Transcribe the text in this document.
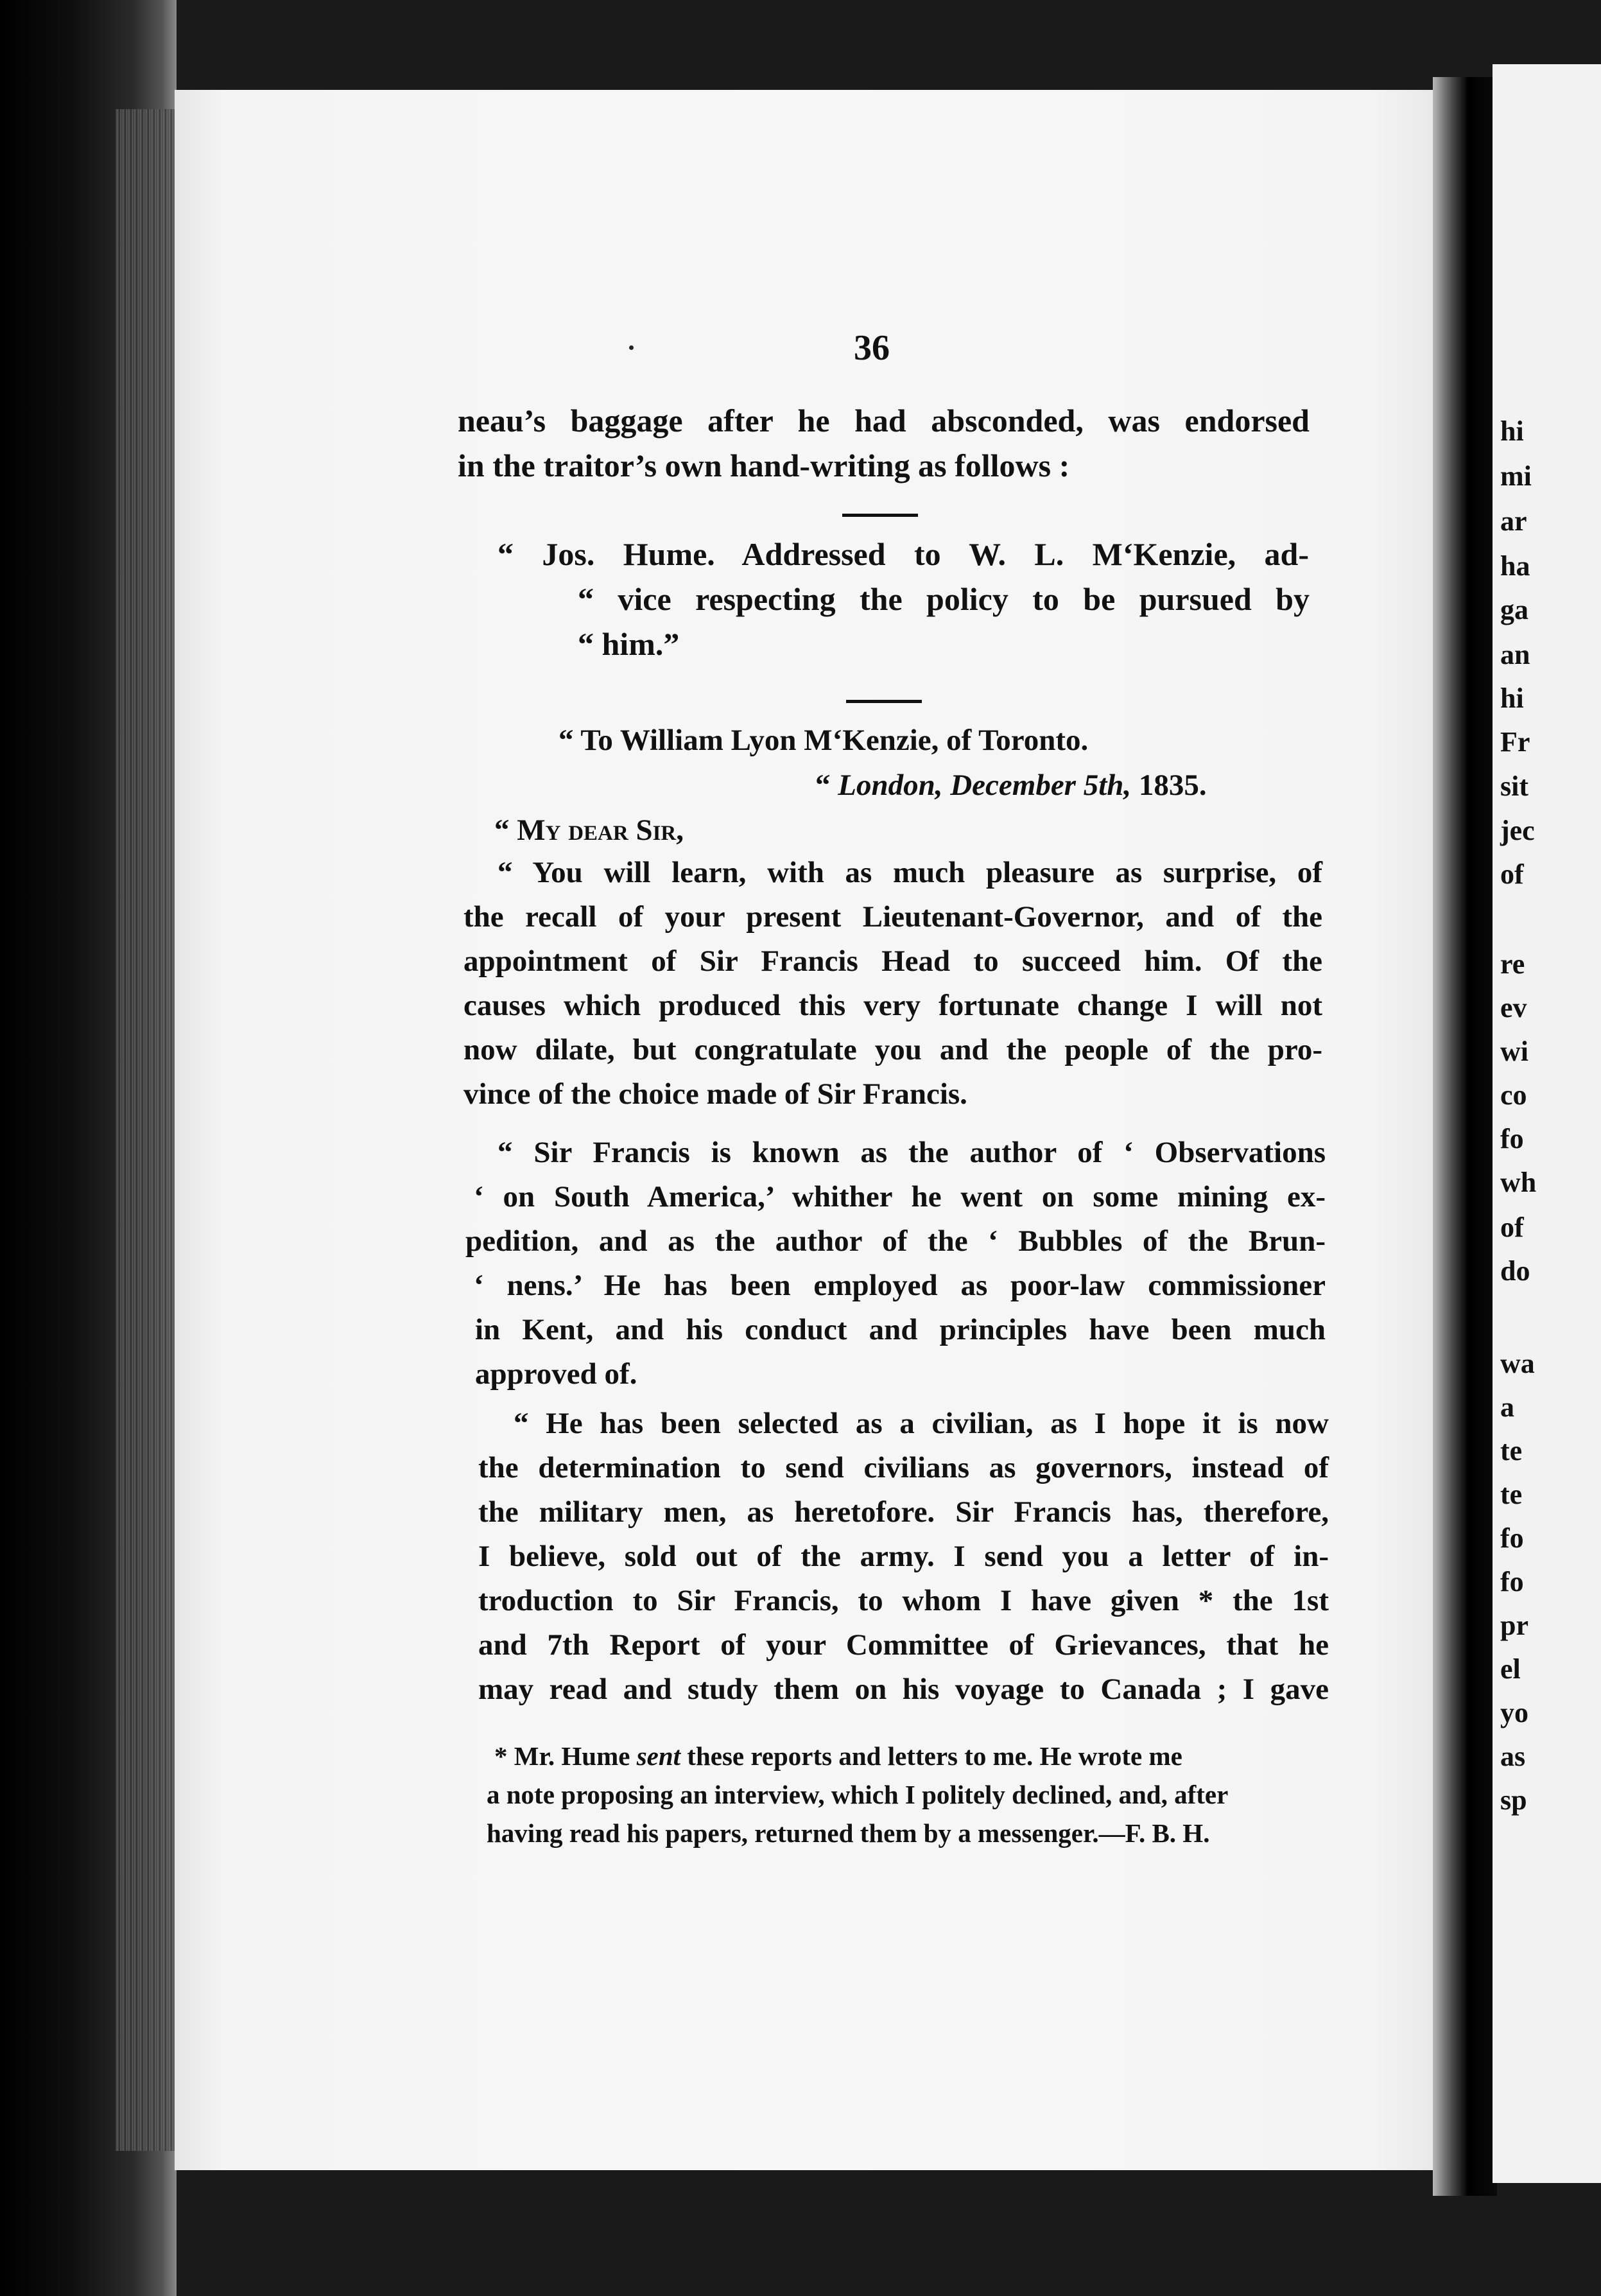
hi
mi
ar
ha
ga
an
hi
Fr
sit
jec
of
re
ev
wi
co
fo
wh
of
do
wa
a
te
te
fo
fo
pr
el
yo
as
sp
36
neau’s baggage after he had absconded, was endorsed
in the traitor’s own hand-writing as follows :
“ Jos. Hume. Addressed to W. L. M‘Kenzie, ad-
“ vice respecting the policy to be pursued by
“ him.”
“ To William Lyon M‘Kenzie, of Toronto.
“ London, December 5th, 1835.
“ My dear Sir,
“ You will learn, with as much pleasure as surprise, of
the recall of your present Lieutenant-Governor, and of the
appointment of Sir Francis Head to succeed him. Of the
causes which produced this very fortunate change I will not
now dilate, but congratulate you and the people of the pro-
vince of the choice made of Sir Francis.
“ Sir Francis is known as the author of ‘ Observations
‘ on South America,’ whither he went on some mining ex-
pedition, and as the author of the ‘ Bubbles of the Brun-
‘ nens.’ He has been employed as poor-law commissioner
in Kent, and his conduct and principles have been much
approved of.
“ He has been selected as a civilian, as I hope it is now
the determination to send civilians as governors, instead of
the military men, as heretofore. Sir Francis has, therefore,
I believe, sold out of the army. I send you a letter of in-
troduction to Sir Francis, to whom I have given * the 1st
and 7th Report of your Committee of Grievances, that he
may read and study them on his voyage to Canada ; I gave
* Mr. Hume sent these reports and letters to me. He wrote me
a note proposing an interview, which I politely declined, and, after
having read his papers, returned them by a messenger.—F. B. H.
